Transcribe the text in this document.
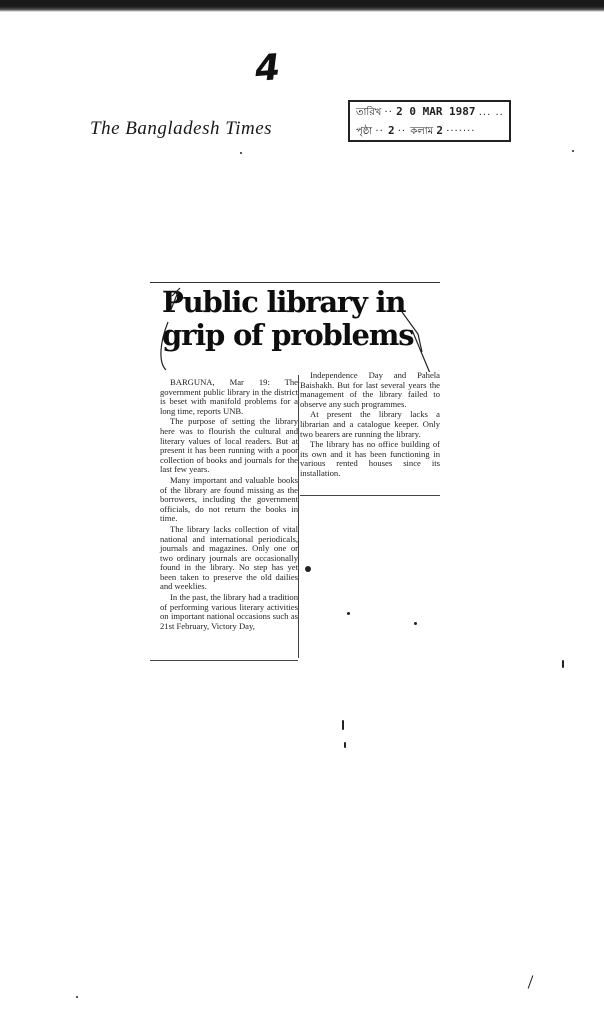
4
The Bangladesh Times
তারিখ ·· 2 0 MAR 1987 ... ..
পৃষ্ঠা ·· 2 ·· কলাম 2 ·······
Public library in
grip of problems

BARGUNA, Mar 19: The government public library in the district is beset with manifold problems for a long time, reports UNB.

The purpose of setting the library here was to flourish the cultural and literary values of local readers. But at present it has been running with a poor collection of books and journals for the last few years.

Many important and valuable books of the library are found missing as the borrowers, including the government officials, do not return the books in time.

The library lacks collection of vital national and international periodicals, journals and magazines. Only one or two ordinary journals are occasionally found in the library. No step has yet been taken to preserve the old dailies and weeklies.

In the past, the library had a tradition of performing various literary activities on important national occasions such as 21st February, Victory Day,

Independence Day and Pahela Baishakh. But for last several years the management of the library failed to observe any such programmes.

At present the library lacks a librarian and a catalogue keeper. Only two bearers are running the library.

The library has no office building of its own and it has been functioning in various rented houses since its installation.
